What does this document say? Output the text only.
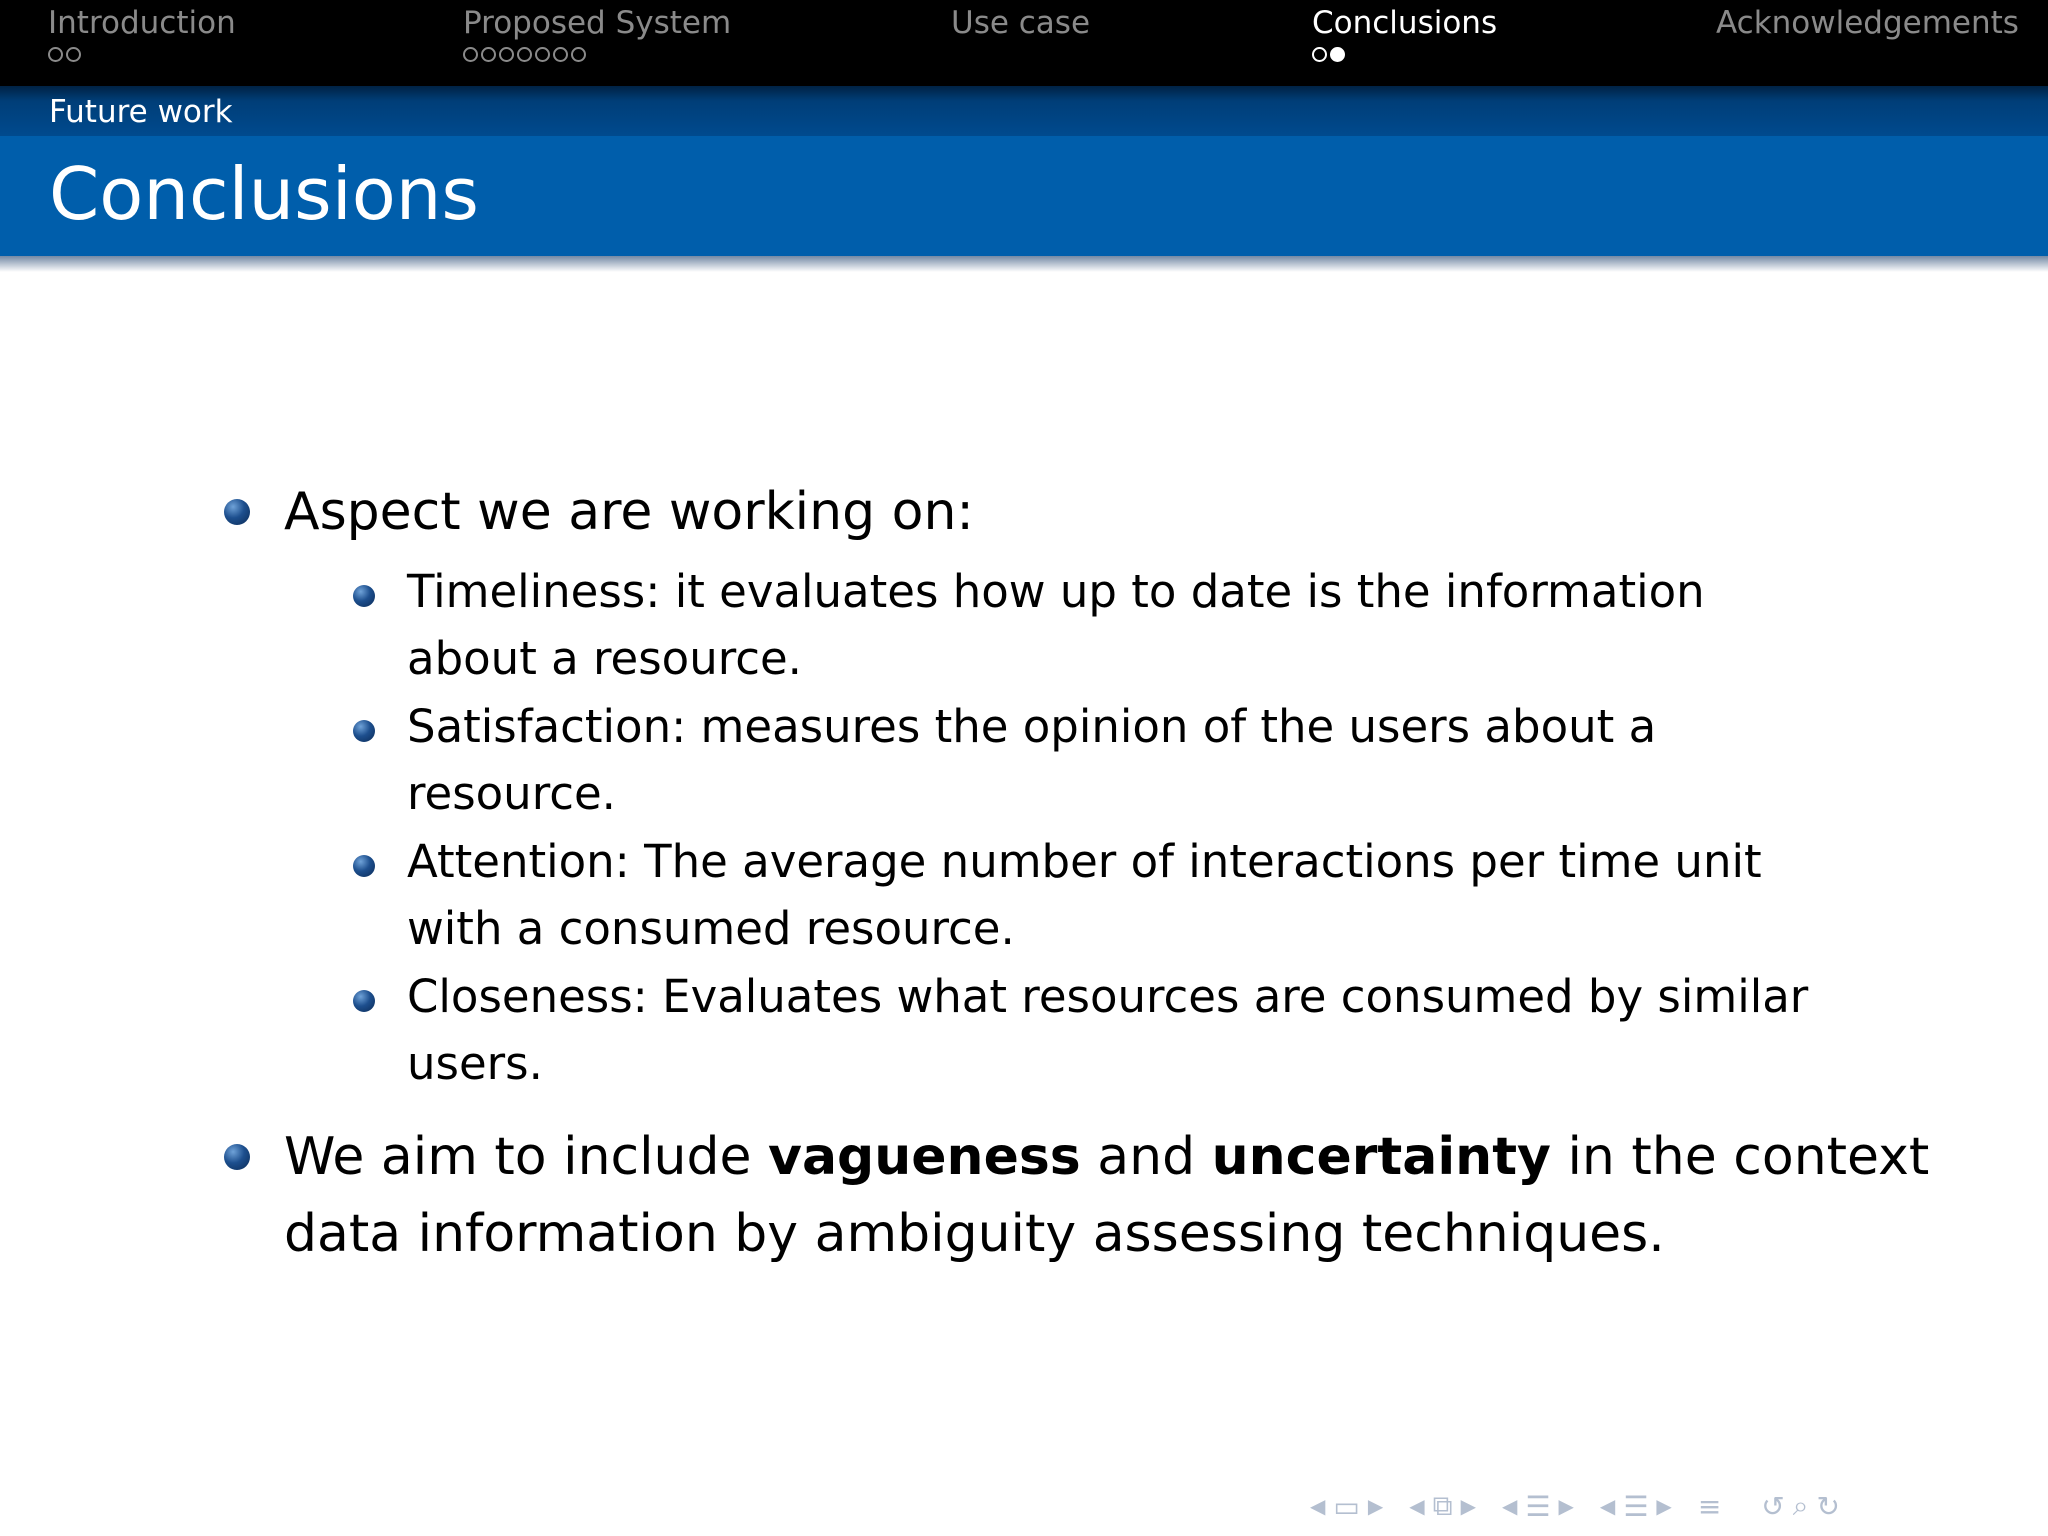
Introduction	Proposed System	Use case	Conclusions	Acknowledgements
Future work
Conclusions
Aspect we are working on:
Timeliness: it evaluates how up to date is the information
about a resource.
Satisfaction: measures the opinion of the users about a
resource.
Attention: The average number of interactions per time unit
with a consumed resource.
Closeness: Evaluates what resources are consumed by similar
users.
We aim to include vagueness and uncertainty in the context
data information by ambiguity assessing techniques.
◀ ▭ ▶ ◀ ⧉ ▶ ◀ ☰ ▶ ◀ ☰ ▶ ≡ ↺ ⌕ ↻
